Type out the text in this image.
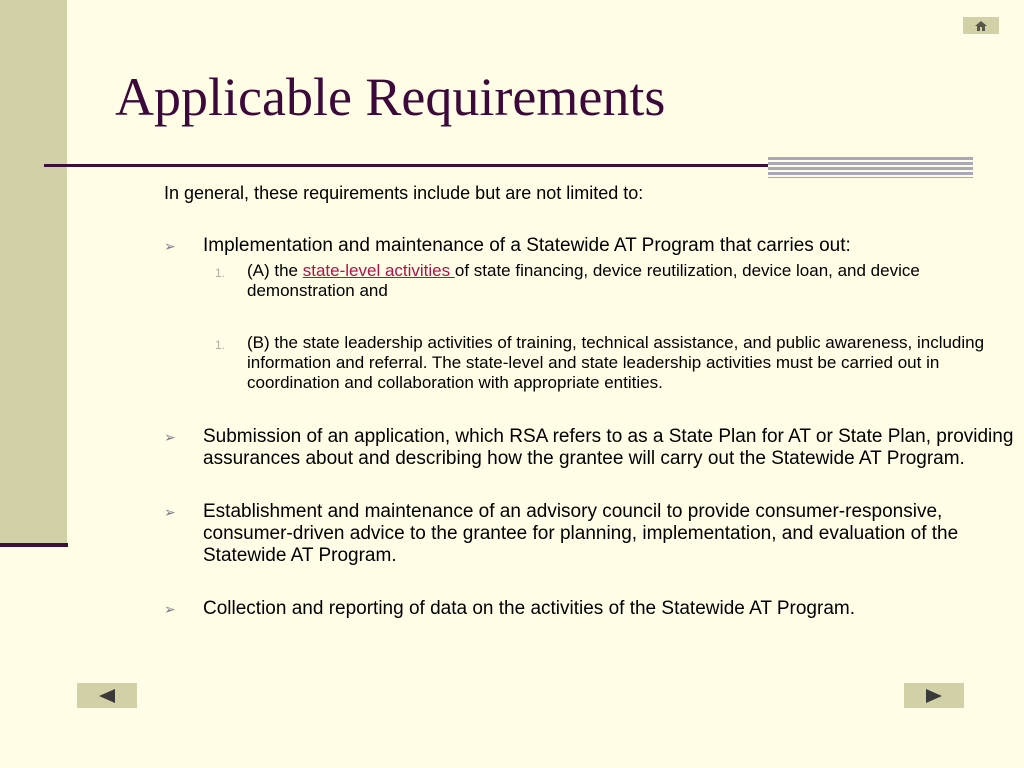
Applicable Requirements

In general, these requirements include but are not limited to:

➢ Implementation and maintenance of a Statewide AT Program that carries out:

1. (A) the state-level activities of state financing, device reutilization, device loan, and device demonstration and

1. (B) the state leadership activities of training, technical assistance, and public awareness, including information and referral. The state-level and state leadership activities must be carried out in coordination and collaboration with appropriate entities.

➢ Submission of an application, which RSA refers to as a State Plan for AT or State Plan, providing assurances about and describing how the grantee will carry out the Statewide AT Program.

➢ Establishment and maintenance of an advisory council to provide consumer-responsive, consumer-driven advice to the grantee for planning, implementation, and evaluation of the Statewide AT Program.

➢ Collection and reporting of data on the activities of the Statewide AT Program.
